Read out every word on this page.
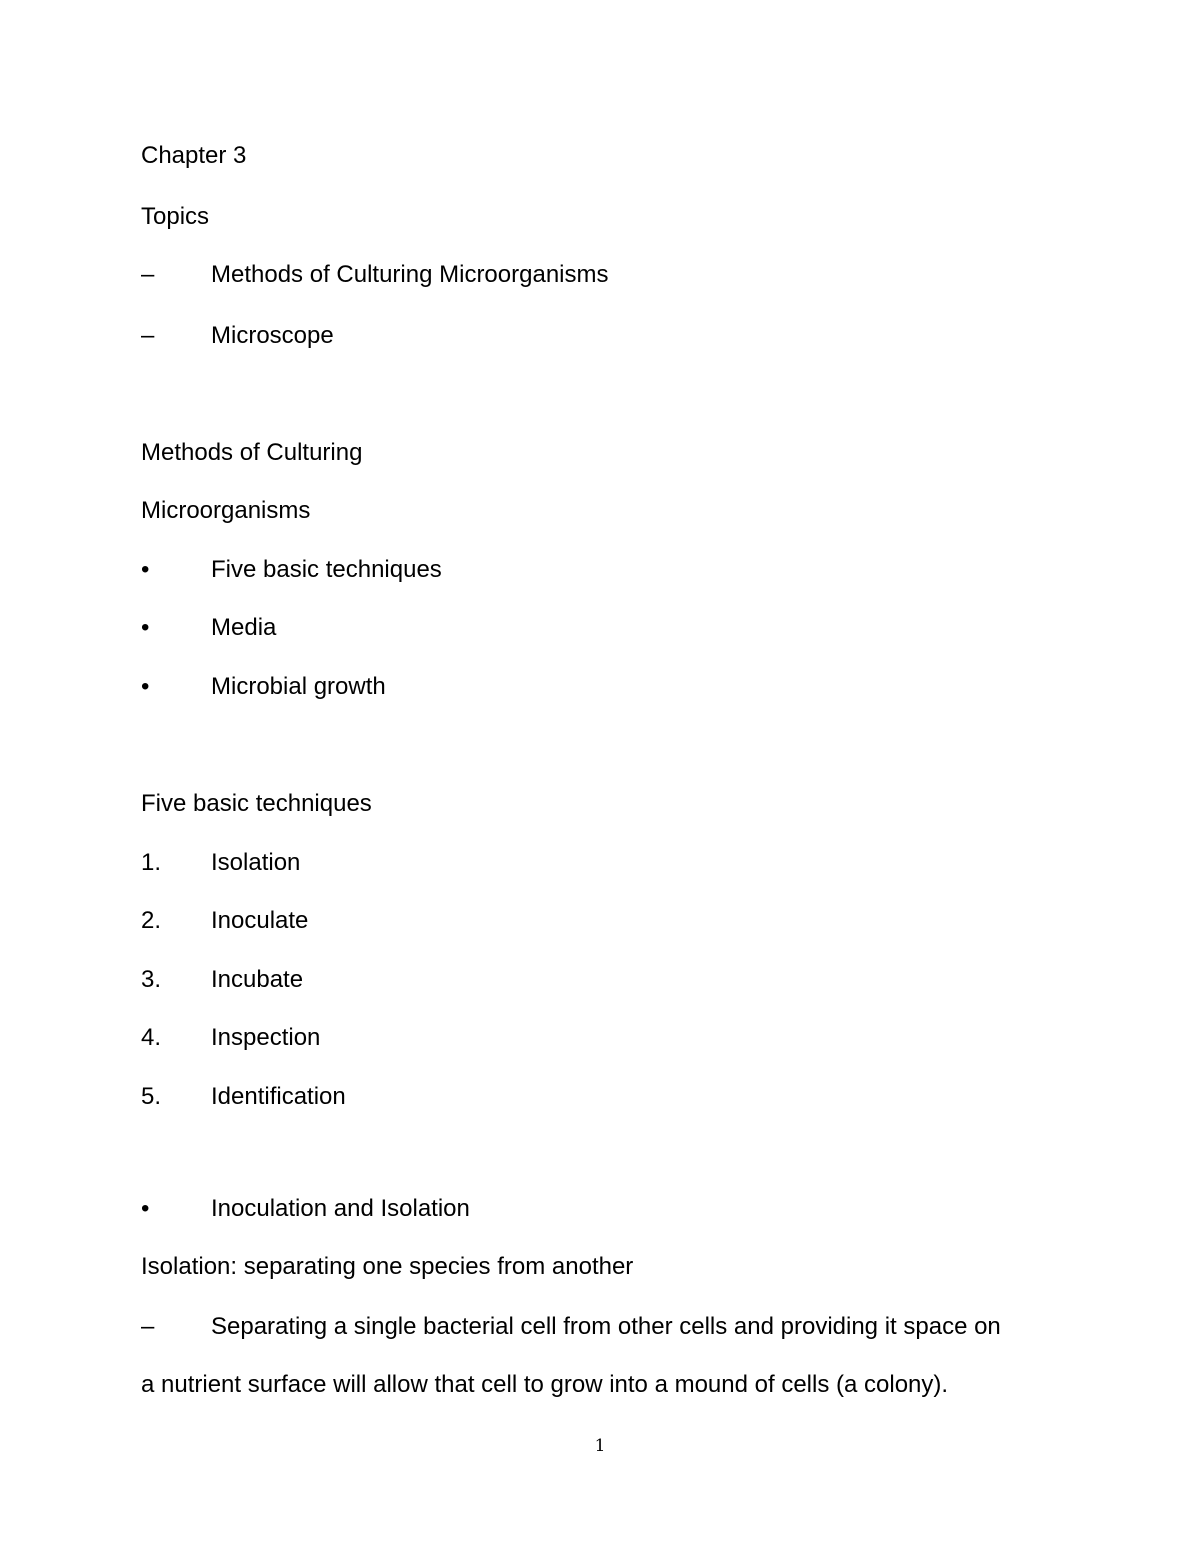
Chapter 3
Topics
– Methods of Culturing Microorganisms
– Microscope
Methods of Culturing
Microorganisms
•	Five basic techniques
•	Media
•	Microbial growth
Five basic techniques
1. Isolation
2. Inoculate
3. Incubate
4. Inspection
5. Identification
•	Inoculation and Isolation
Isolation: separating one species from another
– Separating a single bacterial cell from other cells and providing it space on
a nutrient surface will allow that cell to grow into a mound of cells (a colony).
1
